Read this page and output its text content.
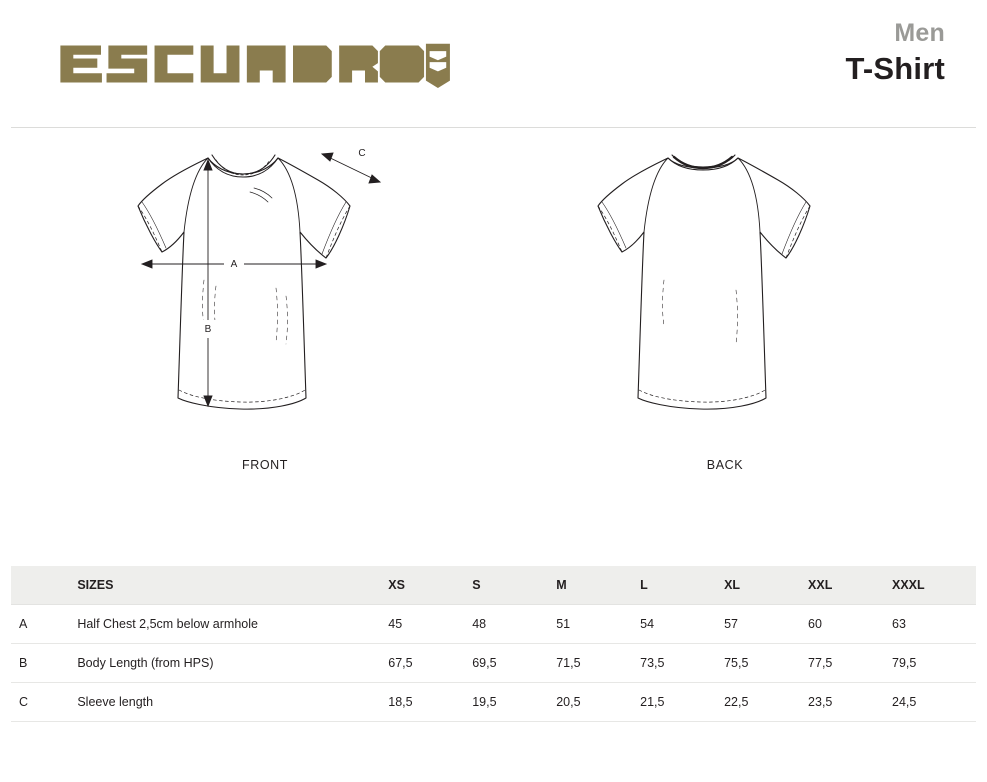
Men
T-Shirt
A
B
C
FRONT	BACK
	SIZES	XS	S	M	L	XL	XXL	XXXL
A	Half Chest 2,5cm below armhole	45	48	51	54	57	60	63
B	Body Length (from HPS)	67,5	69,5	71,5	73,5	75,5	77,5	79,5
C	Sleeve length	18,5	19,5	20,5	21,5	22,5	23,5	24,5
